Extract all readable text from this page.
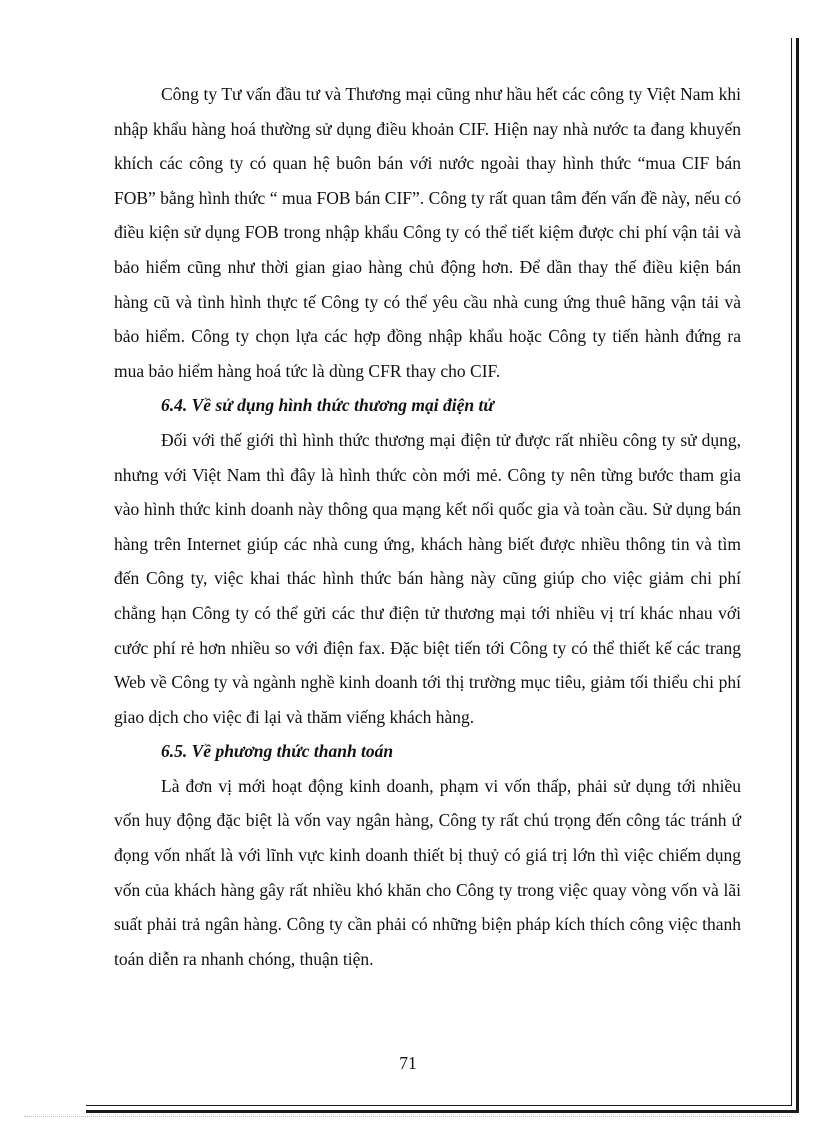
Công ty Tư vấn đầu tư và Thương mại cũng như hầu hết các công ty Việt Nam khi nhập khẩu hàng hoá thường sử dụng điều khoản CIF. Hiện nay nhà nước ta đang khuyến khích các công ty có quan hệ buôn bán với nước ngoài thay hình thức “mua CIF bán FOB” bằng hình thức “ mua FOB bán CIF”. Công ty rất quan tâm đến vấn đề này, nếu có điều kiện sử dụng FOB trong nhập khẩu Công ty có thể tiết kiệm được chi phí vận tải và bảo hiểm cũng như thời gian giao hàng chủ động hơn. Để dần thay thế điều kiện bán hàng cũ và tình hình thực tế Công ty có thể yêu cầu nhà cung ứng thuê hãng vận tải và bảo hiểm. Công ty chọn lựa các hợp đồng nhập khẩu hoặc Công ty tiến hành đứng ra mua bảo hiểm hàng hoá tức là dùng CFR thay cho CIF.

6.4. Về sử dụng hình thức thương mại điện tử

Đối với thế giới thì hình thức thương mại điện tử được rất nhiều công ty sử dụng, nhưng với Việt Nam thì đây là hình thức còn mới mẻ. Công ty nên từng bước tham gia vào hình thức kinh doanh này thông qua mạng kết nối quốc gia và toàn cầu. Sử dụng bán hàng trên Internet giúp các nhà cung ứng, khách hàng biết được nhiều thông tin và tìm đến Công ty, việc khai thác hình thức bán hàng này cũng giúp cho việc giảm chi phí chẳng hạn Công ty có thể gửi các thư điện tử thương mại tới nhiều vị trí khác nhau với cước phí rẻ hơn nhiều so với điện fax. Đặc biệt tiến tới Công ty có thể thiết kế các trang Web về Công ty và ngành nghề kinh doanh tới thị trường mục tiêu, giảm tối thiểu chi phí giao dịch cho việc đi lại và thăm viếng khách hàng.

6.5. Về phương thức thanh toán

Là đơn vị mới hoạt động kinh doanh, phạm vi vốn thấp, phải sử dụng tới nhiều vốn huy động đặc biệt là vốn vay ngân hàng, Công ty rất chú trọng đến công tác tránh ứ đọng vốn nhất là với lĩnh vực kinh doanh thiết bị thuỷ có giá trị lớn thì việc chiếm dụng vốn của khách hàng gây rất nhiều khó khăn cho Công ty trong việc quay vòng vốn và lãi suất phải trả ngân hàng. Công ty cần phải có những biện pháp kích thích công việc thanh toán diễn ra nhanh chóng, thuận tiện.

71
